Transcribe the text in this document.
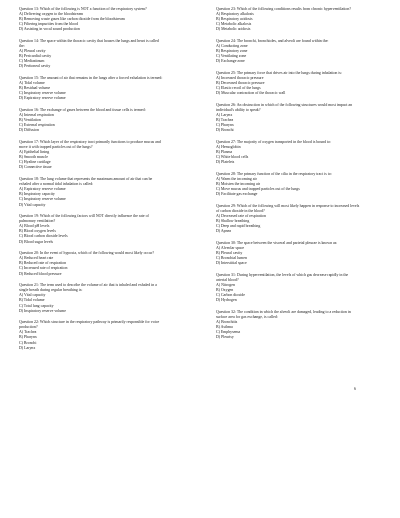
Question 13: Which of the following is NOT a function of the respiratory system?
A) Delivering oxygen to the bloodstream
B) Removing waste gases like carbon dioxide from the bloodstream
C) Filtering impurities from the blood
D) Assisting in vocal sound production
Question 14: The space within the thoracic cavity that houses the lungs and heart is called the:
A) Pleural cavity
B) Pericardial cavity
C) Mediastinum
D) Peritoneal cavity
Question 15: The amount of air that remains in the lungs after a forced exhalation is termed:
A) Tidal volume
B) Residual volume
C) Inspiratory reserve volume
D) Expiratory reserve volume
Question 16: The exchange of gases between the blood and tissue cells is termed:
A) Internal respiration
B) Ventilation
C) External respiration
D) Diffusion
Question 17: Which layer of the respiratory tract primarily functions to produce mucus and move it with trapped particles out of the lungs?
A) Epithelial lining
B) Smooth muscle
C) Hyaline cartilage
D) Connective tissue
Question 18: The lung volume that represents the maximum amount of air that can be exhaled after a normal tidal inhalation is called:
A) Expiratory reserve volume
B) Inspiratory capacity
C) Inspiratory reserve volume
D) Vital capacity
Question 19: Which of the following factors will NOT directly influence the rate of pulmonary ventilation?
A) Blood pH levels
B) Blood oxygen levels
C) Blood carbon dioxide levels
D) Blood sugar levels
Question 20: In the event of hypoxia, which of the following would most likely occur?
A) Reduced heart rate
B) Reduced rate of respiration
C) Increased rate of respiration
D) Reduced blood pressure
Question 21: The term used to describe the volume of air that is inhaled and exhaled in a single breath during regular breathing is:
A) Vital capacity
B) Tidal volume
C) Total lung capacity
D) Inspiratory reserve volume
Question 22: Which structure in the respiratory pathway is primarily responsible for voice production?
A) Trachea
B) Pharynx
C) Bronchi
D) Larynx
Question 23: Which of the following conditions results from chronic hyperventilation?
A) Respiratory alkalosis
B) Respiratory acidosis
C) Metabolic alkalosis
D) Metabolic acidosis
Question 24: The bronchi, bronchioles, and alveoli are found within the:
A) Conducting zone
B) Respiratory zone
C) Ventilating zone
D) Exchange zone
Question 25: The primary force that drives air into the lungs during inhalation is:
A) Increased thoracic pressure
B) Decreased thoracic pressure
C) Elastic recoil of the lungs
D) Muscular contraction of the thoracic wall
Question 26: An obstruction in which of the following structures would most impact an individual's ability to speak?
A) Larynx
B) Trachea
C) Pharynx
D) Bronchi
Question 27: The majority of oxygen transported in the blood is bound to:
A) Hemoglobin
B) Plasma
C) White blood cells
D) Platelets
Question 28: The primary function of the cilia in the respiratory tract is to:
A) Warm the incoming air
B) Moisten the incoming air
C) Move mucus and trapped particles out of the lungs
D) Facilitate gas exchange
Question 29: Which of the following will most likely happen in response to increased levels of carbon dioxide in the blood?
A) Decreased rate of respiration
B) Shallow breathing
C) Deep and rapid breathing
D) Apnea
Question 30: The space between the visceral and parietal pleurae is known as:
A) Alveolar space
B) Pleural cavity
C) Bronchial lumen
D) Interstitial space
Question 31: During hyperventilation, the levels of which gas decrease rapidly in the arterial blood?
A) Nitrogen
B) Oxygen
C) Carbon dioxide
D) Hydrogen
Question 32: The condition in which the alveoli are damaged, leading to a reduction in surface area for gas exchange, is called:
A) Bronchitis
B) Asthma
C) Emphysema
D) Pleurisy
6
